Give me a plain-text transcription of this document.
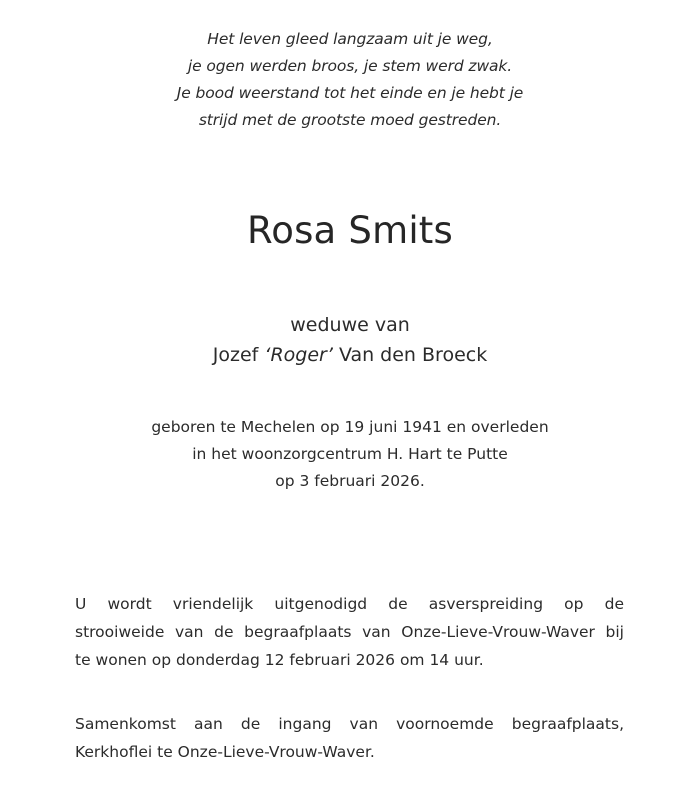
Het leven gleed langzaam uit je weg,
je ogen werden broos, je stem werd zwak.
Je bood weerstand tot het einde en je hebt je
strijd met de grootste moed gestreden.
Rosa Smits
weduwe van
Jozef ‘Roger’ Van den Broeck
geboren te Mechelen op 19 juni 1941 en overleden
in het woonzorgcentrum H. Hart te Putte
op 3 februari 2026.
U wordt vriendelijk uitgenodigd de asverspreiding op de
strooiweide van de begraafplaats van Onze-Lieve-Vrouw-Waver bij
te wonen op donderdag 12 februari 2026 om 14 uur.
Samenkomst aan de ingang van voornoemde begraafplaats,
Kerkhoflei te Onze-Lieve-Vrouw-Waver.
